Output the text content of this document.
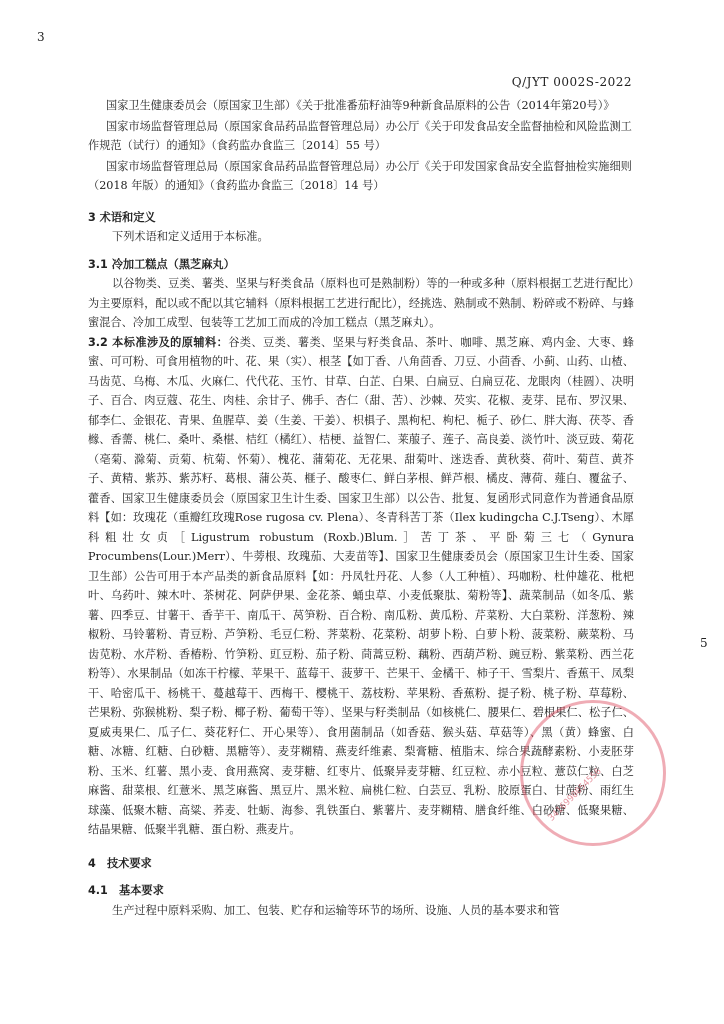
3
Q/JYT 0002S-2022

国家卫生健康委员会（原国家卫生部）《关于批准番茄籽油等9种新食品原料的公告（2014年第20号）》

国家市场监督管理总局（原国家食品药品监督管理总局）办公厅《关于印发食品安全监督抽检和风险监测工作规范（试行）的通知》（食药监办食监三〔2014〕55 号）

国家市场监督管理总局（原国家食品药品监督管理总局）办公厅《关于印发国家食品安全监督抽检实施细则（2018 年版）的通知》（食药监办食监三〔2018〕14 号）

3 术语和定义

下列术语和定义适用于本标准。

3.1 冷加工糕点（黑芝麻丸）

以谷物类、豆类、薯类、坚果与籽类食品（原料也可是熟制粉）等的一种或多种（原料根据工艺进行配比）为主要原料，配以或不配以其它辅料（原料根据工艺进行配比），经挑选、熟制或不熟制、粉碎或不粉碎、与蜂蜜混合、冷加工成型、包装等工艺加工而成的冷加工糕点（黑芝麻丸）。

3.2 本标准涉及的原辅料：谷类、豆类、薯类、坚果与籽类食品、茶叶、咖啡、黑芝麻、鸡内金、大枣、蜂蜜、可可粉、可食用植物的叶、花、果（实）、根茎【如丁香、八角茴香、刀豆、小茴香、小蓟、山药、山楂、马齿苋、乌梅、木瓜、火麻仁、代代花、玉竹、甘草、白芷、白果、白扁豆、白扁豆花、龙眼肉（桂圆）、决明子、百合、肉豆蔻、花生、肉桂、余甘子、佛手、杏仁（甜、苦）、沙棘、芡实、花椒、麦芽、昆布、罗汉果、郁李仁、金银花、青果、鱼腥草、姜（生姜、干姜）、枳椇子、黑枸杞、枸杞、栀子、砂仁、胖大海、茯苓、香橼、香薷、桃仁、桑叶、桑椹、桔红（橘红）、桔梗、益智仁、莱菔子、莲子、高良姜、淡竹叶、淡豆豉、菊花（亳菊、滁菊、贡菊、杭菊、怀菊）、槐花、蒲菊花、无花果、甜菊叶、迷迭香、黄秋葵、荷叶、菊苣、黄芥子、黄精、紫苏、紫苏籽、葛根、蒲公英、榧子、酸枣仁、鲜白茅根、鲜芦根、橘皮、薄荷、薤白、覆盆子、藿香、国家卫生健康委员会（原国家卫生计生委、国家卫生部）以公告、批复、复函形式同意作为普通食品原料【如：玫瑰花（重瓣红玫瑰Rose rugosa cv. Plena）、冬青科苦丁茶（Ilex kudingcha C.J.Tseng）、木犀科粗壮女贞［Ligustrum robustum (Roxb.)Blum.］苦丁茶、平卧菊三七（Gynura Procumbens(Lour.)Merr）、牛蒡根、玫瑰茄、大麦苗等】、国家卫生健康委员会（原国家卫生计生委、国家卫生部）公告可用于本产品类的新食品原料【如：丹凤牡丹花、人参（人工种植）、玛咖粉、杜仲雄花、枇杷叶、乌药叶、辣木叶、茶树花、阿萨伊果、金花茶、蛹虫草、小麦低聚肽、菊粉等】、蔬菜制品（如冬瓜、紫薯、四季豆、甘薯干、香芋干、南瓜干、莴笋粉、百合粉、南瓜粉、黄瓜粉、芹菜粉、大白菜粉、洋葱粉、辣椒粉、马铃薯粉、青豆粉、芦笋粉、毛豆仁粉、荠菜粉、花菜粉、胡萝卜粉、白萝卜粉、菠菜粉、蕨菜粉、马齿苋粉、水芹粉、香椿粉、竹笋粉、豇豆粉、茄子粉、茼蒿豆粉、藕粉、西葫芦粉、豌豆粉、紫菜粉、西兰花粉等）、水果制品（如冻干柠檬、苹果干、蓝莓干、菠萝干、芒果干、金橘干、柿子干、雪梨片、香蕉干、凤梨干、哈密瓜干、杨桃干、蔓越莓干、西梅干、樱桃干、荔枝粉、苹果粉、香蕉粉、提子粉、桃子粉、草莓粉、芒果粉、弥猴桃粉、梨子粉、椰子粉、葡萄干等）、坚果与籽类制品（如核桃仁、腰果仁、碧根果仁、松子仁、夏威夷果仁、瓜子仁、葵花籽仁、开心果等）、食用菌制品（如香菇、猴头菇、草菇等）、黑（黄）蜂蜜、白糖、冰糖、红糖、白砂糖、黑糖等）、麦芽糊精、燕麦纤维素、梨膏糖、植脂末、综合果蔬酵素粉、小麦胚芽粉、玉米、红薯、黑小麦、食用燕窝、麦芽糖、红枣片、低聚异麦芽糖、红豆粒、赤小豆粒、薏苡仁粒、白芝麻酱、甜菜根、红薏米、黑芝麻酱、黑豆片、黑米粒、扁桃仁粒、白芸豆、乳粉、胶原蛋白、甘蔗粉、雨红生球藻、低聚木糖、高粱、荞麦、牡蛎、海参、乳铁蛋白、紫薯片、麦芽糊精、膳食纤维、白砂糖、低聚果糖、结晶果糖、低聚半乳糖、蛋白粉、燕麦片。

4　技术要求

4.1　基本要求

生产过程中原料采购、加工、包装、贮存和运输等环节的场所、设施、人员的基本要求和管

5
3416990054556
